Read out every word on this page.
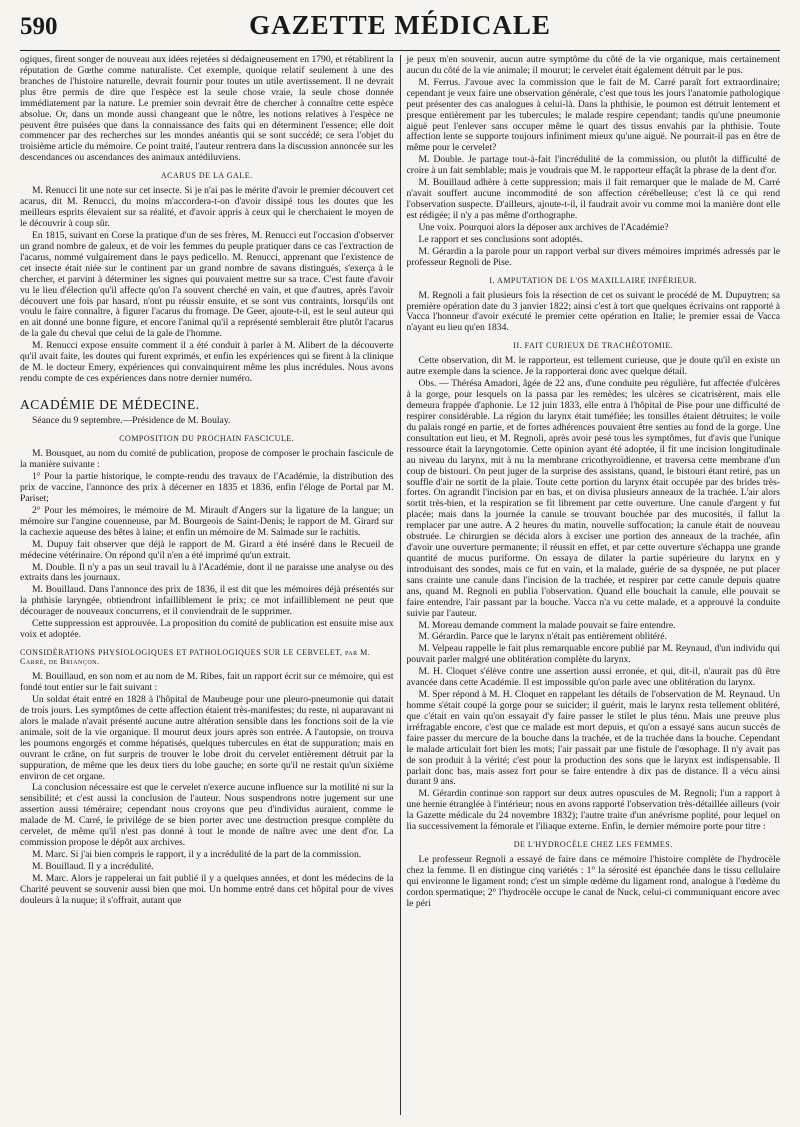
590	GAZETTE MÉDICALE

ogiques, firent songer de nouveau aux idées rejetées si dédaigneusement en 1790, et rétablirent la réputation de Gœthe comme naturaliste. Cet exemple, quoique relatif seulement à une des branches de l'histoire naturelle, devrait fournir pour toutes un utile avertissement. Il ne devrait plus être permis de dire que l'espèce est la seule chose vraie, la seule chose donnée immédiatement par la nature. Le premier soin devrait être de chercher à connaître cette espèce absolue. Or, dans un monde aussi changeant que le nôtre, les notions relatives à l'espèce ne peuvent être puisées que dans la connaissance des faits qui en déterminent l'essence; elle doit commencer par des recherches sur les mondes anéantis qui se sont succédé; ce sera l'objet du troisième article du mémoire. Ce point traité, l'auteur rentrera dans la discussion annoncée sur les descendances ou ascendances des animaux antédiluviens.

ACARUS DE LA GALE.

M. Renucci lit une note sur cet insecte. Si je n'ai pas le mérite d'avoir le premier découvert cet acarus, dit M. Renucci, du moins m'accordera-t-on d'avoir dissipé tous les doutes que les meilleurs esprits élevaient sur sa réalité, et d'avoir appris à ceux qui le cherchaient le moyen de le découvrir à coup sûr.

En 1815, suivant en Corse la pratique d'un de ses frères, M. Renucci eut l'occasion d'observer un grand nombre de galeux, et de voir les femmes du peuple pratiquer dans ce cas l'extraction de l'acarus, nommé vulgairement dans le pays pedicello. M. Renucci, apprenant que l'existence de cet insecte était niée sur le continent par un grand nombre de savans distingués, s'exerça à le chercher, et parvint à déterminer les signes qui pouvaient mettre sur sa trace. C'est faute d'avoir vu le lieu d'élection qu'il affecte qu'on l'a souvent cherché en vain, et que d'autres, après l'avoir découvert une fois par hasard, n'ont pu réussir ensuite, et se sont vus contraints, lorsqu'ils ont voulu le faire connaître, à figurer l'acarus du fromage. De Geer, ajoute-t-il, est le seul auteur qui en ait donné une bonne figure, et encore l'animal qu'il a représenté semblerait être plutôt l'acarus de la gale du cheval que celui de la gale de l'homme.

M. Renucci expose ensuite comment il a été conduit à parler à M. Alibert de la découverte qu'il avait faite, les doutes qui furent exprimés, et enfin les expériences qui se firent à la clinique de M. le docteur Emery, expériences qui convainquirent même les plus incrédules. Nous avons rendu compte de ces expériences dans notre dernier numéro.

ACADÉMIE DE MÉDECINE.

Séance du 9 septembre.—Présidence de M. Boulay.

COMPOSITION DU PROCHAIN FASCICULE.

M. Bousquet, au nom du comité de publication, propose de composer le prochain fascicule de la manière suivante :

1° Pour la partie historique, le compte-rendu des travaux de l'Académie, la distribution des prix de vaccine, l'annonce des prix à décerner en 1835 et 1836, enfin l'éloge de Portal par M. Pariset;

2° Pour les mémoires, le mémoire de M. Mirault d'Angers sur la ligature de la langue; un mémoire sur l'angine couenneuse, par M. Bourgeois de Saint-Denis; le rapport de M. Girard sur la cachexie aqueuse des bêtes à laine; et enfin un mémoire de M. Salmade sur le rachitis.

M. Dupuy fait observer que déjà le rapport de M. Girard a été inséré dans le Recueil de médecine vétérinaire. On répond qu'il n'en a été imprimé qu'un extrait.

M. Double. Il n'y a pas un seul travail lu à l'Académie, dont il ne paraisse une analyse ou des extraits dans les journaux.

M. Bouillaud. Dans l'annonce des prix de 1836, il est dit que les mémoires déjà présentés sur la phthisie laryngée, obtiendront infailliblement le prix; ce mot infailliblement ne peut que décourager de nouveaux concurrens, et il conviendrait de le supprimer.

Cette suppression est approuvée. La proposition du comité de publication est ensuite mise aux voix et adoptée.

CONSIDÉRATIONS PHYSIOLOGIQUES ET PATHOLOGIQUES SUR LE CERVELET, par M. Carré, de Briançon.

M. Bouillaud, en son nom et au nom de M. Ribes, fait un rapport écrit sur ce mémoire, qui est fondé tout entier sur le fait suivant :

Un soldat était entré en 1828 à l'hôpital de Maubeuge pour une pleuro-pneumonie qui datait de trois jours. Les symptômes de cette affection étaient très-manifestes; du reste, ni auparavant ni alors le malade n'avait présenté aucune autre altération sensible dans les fonctions soit de la vie animale, soit de la vie organique. Il mourut deux jours après son entrée. A l'autopsie, on trouva les poumons engorgés et comme hépatisés, quelques tubercules en état de suppuration; mais en ouvrant le crâne, on fut surpris de trouver le lobe droit du cervelet entièrement détruit par la suppuration, de même que les deux tiers du lobe gauche; en sorte qu'il ne restait qu'un sixième environ de cet organe.

La conclusion nécessaire est que le cervelet n'exerce aucune influence sur la motilité ni sur la sensibilité; et c'est aussi la conclusion de l'auteur. Nous suspendrons notre jugement sur une assertion aussi téméraire; cependant nous croyons que peu d'individus auraient, comme le malade de M. Carré, le privilége de se bien porter avec une destruction presque complète du cervelet, de même qu'il n'est pas donné à tout le monde de naître avec une dent d'or. La commission propose le dépôt aux archives.

M. Marc. Si j'ai bien compris le rapport, il y a incrédulité de la part de la commission.

M. Bouillaud. Il y a incrédulité.

M. Marc. Alors je rappelerai un fait publié il y a quelques années, et dont les médecins de la Charité peuvent se souvenir aussi bien que moi. Un homme entré dans cet hôpital pour de vives douleurs à la nuque; il s'offrait, autant que

je peux m'en souvenir, aucun autre symptôme du côté de la vie organique, mais certainement aucun du côté de la vie animale; il mourut; le cervelet était également détruit par le pus.

M. Ferrus. J'avoue avec la commission que le fait de M. Carré paraît fort extraordinaire; cependant je veux faire une observation générale, c'est que tous les jours l'anatomie pathologique peut présenter des cas analogues à celui-là. Dans la phthisie, le poumon est détruit lentement et presque entièrement par les tubercules; le malade respire cependant; tandis qu'une pneumonie aiguë peut l'enlever sans occuper même le quart des tissus envahis par la phthisie. Toute affection lente se supporte toujours infiniment mieux qu'une aiguë. Ne pourrait-il pas en être de même pour le cervelet?

M. Double. Je partage tout-à-fait l'incrédulité de la commission, ou plutôt la difficulté de croire à un fait semblable; mais je voudrais que M. le rapporteur effaçât la phrase de la dent d'or.

M. Bouillaud adhère à cette suppression; mais il fait remarquer que le malade de M. Carré n'avait souffert aucune incommodité de son affection cérébelleuse; c'est là ce qui rend l'observation suspecte. D'ailleurs, ajoute-t-il, il faudrait avoir vu comme moi la manière dont elle est rédigée; il n'y a pas même d'orthographe.

Une voix. Pourquoi alors la déposer aux archives de l'Académie?

Le rapport et ses conclusions sont adoptés.

M. Gérardin a la parole pour un rapport verbal sur divers mémoires imprimés adressés par le professeur Regnoli de Pise.

I. AMPUTATION DE L'OS MAXILLAIRE INFÉRIEUR.

M. Regnoli a fait plusieurs fois la résection de cet os suivant le procédé de M. Dupuytren; sa première opération date du 3 janvier 1822; ainsi c'est à tort que quelques écrivains ont rapporté à Vacca l'honneur d'avoir exécuté le premier cette opération en Italie; le premier essai de Vacca n'ayant eu lieu qu'en 1834.

II. FAIT CURIEUX DE TRACHÉOTOMIE.

Cette observation, dit M. le rapporteur, est tellement curieuse, que je doute qu'il en existe un autre exemple dans la science. Je la rapporterai donc avec quelque détail.

Obs. — Thérésa Amadori, âgée de 22 ans, d'une conduite peu régulière, fut affectée d'ulcères à la gorge, pour lesquels on la passa par les remèdes; les ulcères se cicatrisèrent, mais elle demeura frappée d'aphonie. Le 12 juin 1833, elle entra à l'hôpital de Pise pour une difficulté de respirer considérable. La région du larynx était tuméfiée; les tonsilles étaient détruites; le voile du palais rongé en partie, et de fortes adhérences pouvaient être senties au fond de la gorge. Une consultation eut lieu, et M. Regnoli, après avoir pesé tous les symptômes, fut d'avis que l'unique ressource était la laryngotomie. Cette opinion ayant été adoptée, il fit une incision longitudinale au niveau du larynx, mit à nu la membrane cricothyroïdienne, et traversa cette membrane d'un coup de bistouri. On peut juger de la surprise des assistans, quand, le bistouri étant retiré, pas un souffle d'air ne sortit de la plaie. Toute cette portion du larynx était occupée par des brides très-fortes. On agrandit l'incision par en bas, et on divisa plusieurs anneaux de la trachée. L'air alors sortit très-bien, et la respiration se fit librement par cette ouverture. Une canule d'argent y fut placée; mais dans la journée la canule se trouvant bouchée par des mucosités, il fallut la remplacer par une autre. A 2 heures du matin, nouvelle suffocation; la canule était de nouveau obstruée. Le chirurgien se décida alors à exciser une portion des anneaux de la trachée, afin d'avoir une ouverture permanente; il réussit en effet, et par cette ouverture s'échappa une grande quantité de mucus puriforme. On essaya de dilater la partie supérieure du larynx en y introduisant des sondes, mais ce fut en vain, et la malade, guérie de sa dyspnée, ne put placer sans crainte une canule dans l'incision de la trachée, et respirer par cette canule depuis quatre ans, quand M. Regnoli en publia l'observation. Quand elle bouchait la canule, elle pouvait se faire entendre, l'air passant par la bouche. Vacca n'a vu cette malade, et a approuvé la conduite suivie par l'auteur.

M. Moreau demande comment la malade pouvait se faire entendre.

M. Gérardin. Parce que le larynx n'était pas entièrement oblitéré.

M. Velpeau rappelle le fait plus remarquable encore publié par M. Reynaud, d'un individu qui pouvait parler malgré une oblitération complète du larynx.

M. H. Cloquet s'élève contre une assertion aussi erronée, et qui, dit-il, n'aurait pas dû être avancée dans cette Académie. Il est impossible qu'on parle avec une oblitération du larynx.

M. Sper répond à M. H. Cloquet en rappelant les détails de l'observation de M. Reynaud. Un homme s'était coupé la gorge pour se suicider; il guérit, mais le larynx resta tellement oblitéré, que c'était en vain qu'on essayait d'y faire passer le stilet le plus ténu. Mais une preuve plus irréfragable encore, c'est que ce malade est mort depuis, et qu'on a essayé sans aucun succès de faire passer du mercure de la bouche dans la trachée, et de la trachée dans la bouche. Cependant le malade articulait fort bien les mots; l'air passait par une fistule de l'œsophage. Il n'y avait pas de son produit à la vérité; c'est pour la production des sons que le larynx est indispensable. Il parlait donc bas, mais assez fort pour se faire entendre à dix pas de distance. Il a vécu ainsi durant 9 ans.

M. Gérardin continue son rapport sur deux autres opuscules de M. Regnoli; l'un a rapport à une hernie étranglée à l'intérieur; nous en avons rapporté l'observation très-détaillée ailleurs (voir la Gazette médicale du 24 novembre 1832); l'autre traite d'un anévrisme poplité, pour lequel on lia successivement la fémorale et l'iliaque externe. Enfin, le dernier mémoire porte pour titre :

DE L'HYDROCÈLE CHEZ LES FEMMES.

Le professeur Regnoli a essayé de faire dans ce mémoire l'histoire complète de l'hydrocèle chez la femme. Il en distingue cinq variétés : 1° la sérosité est épanchée dans le tissu cellulaire qui environne le ligament rond; c'est un simple œdème du ligament rond, analogue à l'œdème du cordon spermatique; 2° l'hydrocèle occupe le canal de Nuck, celui-ci communiquant encore avec le péri
